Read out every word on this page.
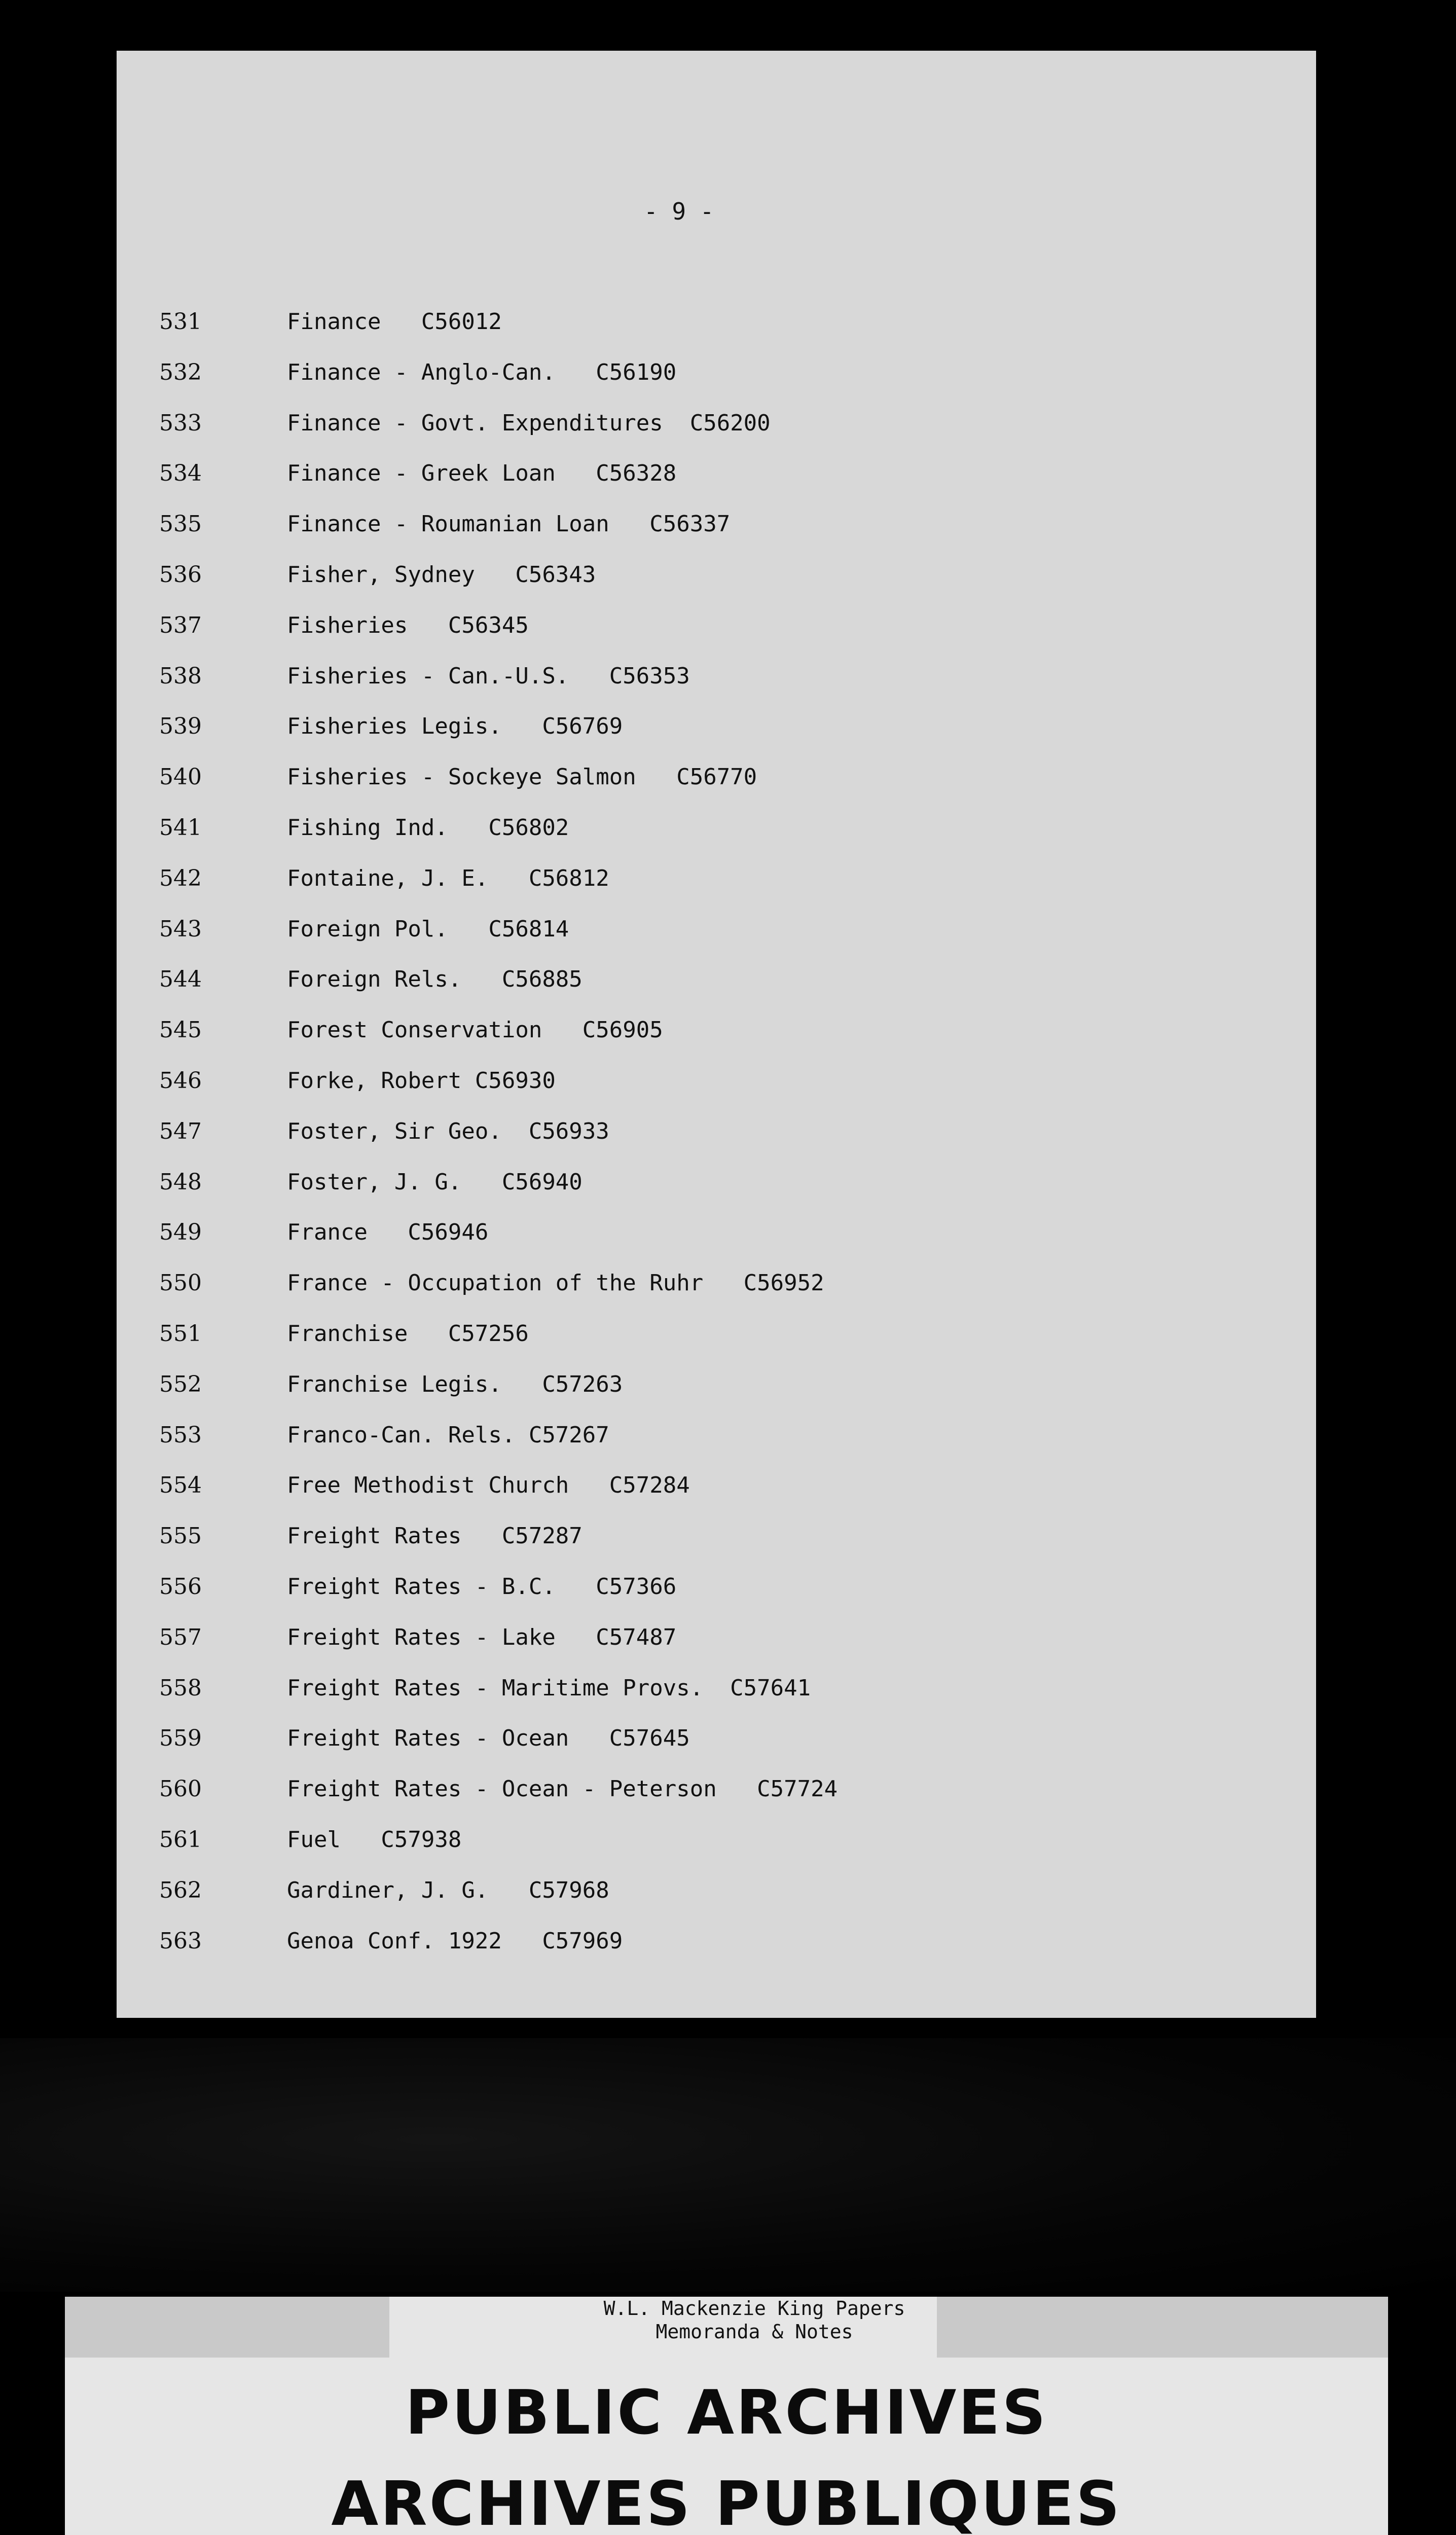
- 9 -
531	Finance   C56012
532	Finance - Anglo-Can.   C56190
533	Finance - Govt. Expenditures  C56200
534	Finance - Greek Loan   C56328
535	Finance - Roumanian Loan   C56337
536	Fisher, Sydney   C56343
537	Fisheries   C56345
538	Fisheries - Can.-U.S.   C56353
539	Fisheries Legis.   C56769
540	Fisheries - Sockeye Salmon   C56770
541	Fishing Ind.   C56802
542	Fontaine, J. E.   C56812
543	Foreign Pol.   C56814
544	Foreign Rels.   C56885
545	Forest Conservation   C56905
546	Forke, Robert C56930
547	Foster, Sir Geo.  C56933
548	Foster, J. G.   C56940
549	France   C56946
550	France - Occupation of the Ruhr   C56952
551	Franchise   C57256
552	Franchise Legis.   C57263
553	Franco-Can. Rels. C57267
554	Free Methodist Church   C57284
555	Freight Rates   C57287
556	Freight Rates - B.C.   C57366
557	Freight Rates - Lake   C57487
558	Freight Rates - Maritime Provs.  C57641
559	Freight Rates - Ocean   C57645
560	Freight Rates - Ocean - Peterson   C57724
561	Fuel   C57938
562	Gardiner, J. G.   C57968
563	Genoa Conf. 1922   C57969
W.L. Mackenzie King Papers
Memoranda & Notes
PUBLIC ARCHIVES
ARCHIVES PUBLIQUES
